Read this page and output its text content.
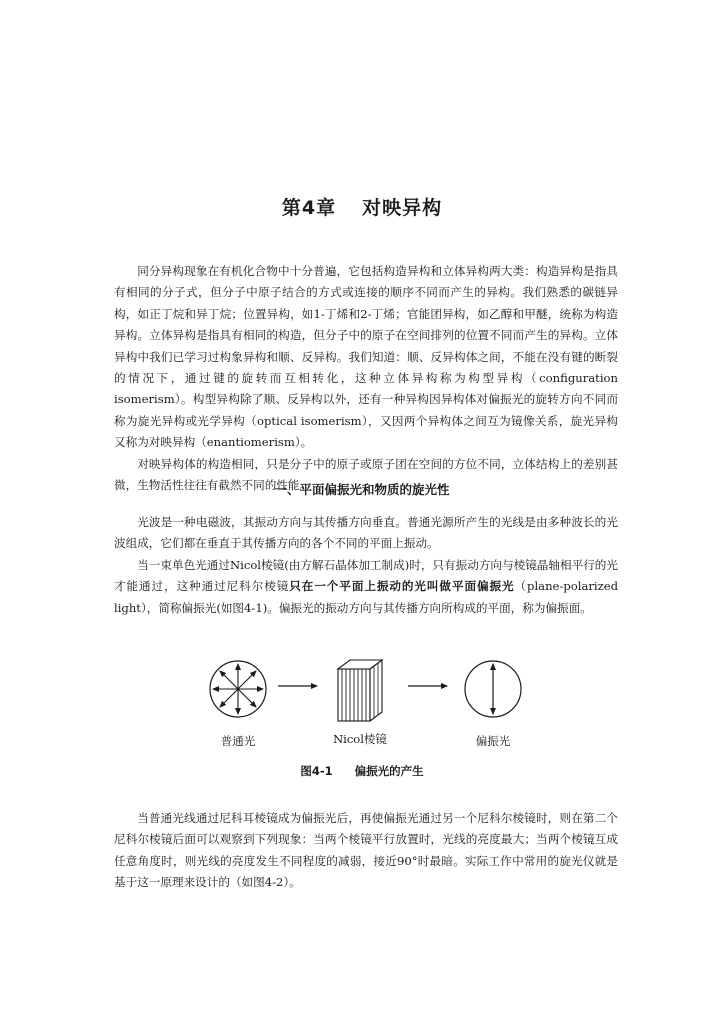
第4章 对映异构

同分异构现象在有机化合物中十分普遍，它包括构造异构和立体异构两大类：构造异构是指具有相同的分子式，但分子中原子结合的方式或连接的顺序不同而产生的异构。我们熟悉的碳链异构，如正丁烷和异丁烷；位置异构，如1-丁烯和2-丁烯；官能团异构，如乙醇和甲醚，统称为构造异构。立体异构是指具有相同的构造，但分子中的原子在空间排列的位置不同而产生的异构。立体异构中我们已学习过构象异构和顺、反异构。我们知道：顺、反异构体之间，不能在没有键的断裂的情况下，通过键的旋转而互相转化，这种立体异构称为构型异构（configuration isomerism）。构型异构除了顺、反异构以外，还有一种异构因异构体对偏振光的旋转方向不同而称为旋光异构或光学异构（optical isomerism），又因两个异构体之间互为镜像关系，旋光异构又称为对映异构（enantiomerism）。

对映异构体的构造相同，只是分子中的原子或原子团在空间的方位不同，立体结构上的差别甚微，生物活性往往有截然不同的性能。

一、平面偏振光和物质的旋光性

光波是一种电磁波，其振动方向与其传播方向垂直。普通光源所产生的光线是由多种波长的光波组成，它们都在垂直于其传播方向的各个不同的平面上振动。

当一束单色光通过Nicol棱镜(由方解石晶体加工制成)时，只有振动方向与棱镜晶轴相平行的光才能通过，这种通过尼科尔棱镜只在一个平面上振动的光叫做平面偏振光（plane-polarized light），简称偏振光(如图4-1)。偏振光的振动方向与其传播方向所构成的平面，称为偏振面。

普通光	Nicol棱镜	偏振光
图4-1 偏振光的产生

当普通光线通过尼科耳棱镜成为偏振光后，再使偏振光通过另一个尼科尔棱镜时，则在第二个尼科尔棱镜后面可以观察到下列现象：当两个棱镜平行放置时，光线的亮度最大；当两个棱镜互成任意角度时，则光线的亮度发生不同程度的减弱，接近90°时最暗。实际工作中常用的旋光仪就是基于这一原理来设计的（如图4-2）。
